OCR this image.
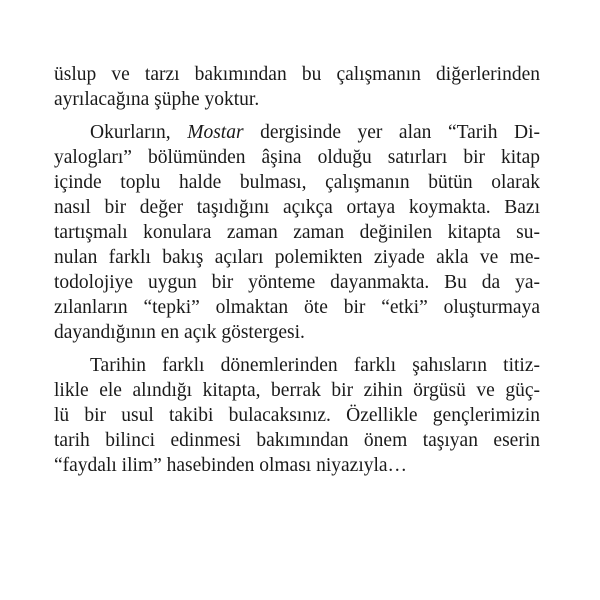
üslup ve tarzı bakımından bu çalışmanın diğerlerinden
ayrılacağına şüphe yoktur.
Okurların, Mostar dergisinde yer alan “Tarih Di-
yalogları” bölümünden âşina olduğu satırları bir kitap
içinde toplu halde bulması, çalışmanın bütün olarak
nasıl bir değer taşıdığını açıkça ortaya koymakta. Bazı
tartışmalı konulara zaman zaman değinilen kitapta su-
nulan farklı bakış açıları polemikten ziyade akla ve me-
todolojiye uygun bir yönteme dayanmakta. Bu da ya-
zılanların “tepki” olmaktan öte bir “etki” oluşturmaya
dayandığının en açık göstergesi.
Tarihin farklı dönemlerinden farklı şahısların titiz-
likle ele alındığı kitapta, berrak bir zihin örgüsü ve güç-
lü bir usul takibi bulacaksınız. Özellikle gençlerimizin
tarih bilinci edinmesi bakımından önem taşıyan eserin
“faydalı ilim” hasebinden olması niyazıyla…
